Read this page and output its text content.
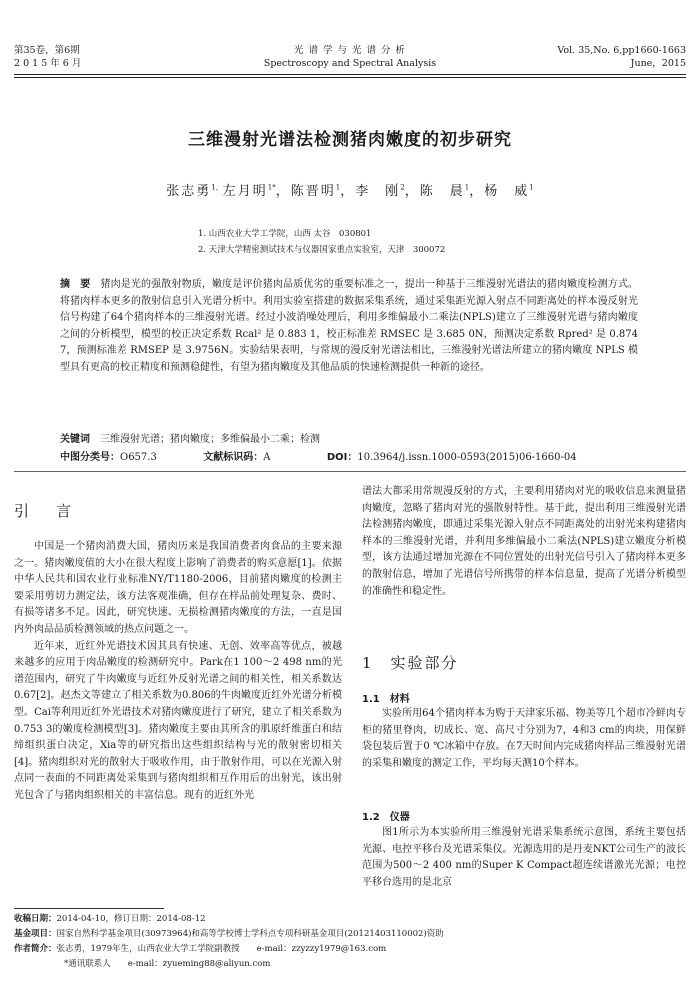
第35卷，第6期
2 0 1 5 年 6 月
光 谱 学 与 光 谱 分 析
Spectroscopy and Spectral Analysis
Vol. 35,No. 6,pp1660-1663
June，2015
三维漫射光谱法检测猪肉嫩度的初步研究
张志勇$^{1,}$左月明$^{1*}$，陈晋明$^1$，李　刚$^2$，陈　晨$^1$，杨　威$^1$
1. 山西农业大学工学院，山西 太谷　030801
2. 天津大学精密测试技术与仪器国家重点实验室，天津　300072
摘　要 猪肉是光的强散射物质，嫩度是评价猪肉品质优劣的重要标准之一，提出一种基于三维漫射光谱法的猪肉嫩度检测方式。将猪肉样本更多的散射信息引入光谱分析中。利用实验室搭建的数据采集系统，通过采集距光源入射点不同距离处的样本漫反射光信号构建了64个猪肉样本的三维漫射光谱。经过小波消噪处理后，利用多维偏最小二乘法(NPLS)建立了三维漫射光谱与猪肉嫩度之间的分析模型，模型的校正决定系数 Rcal² 是 0.883 1，校正标准差 RMSEC 是 3.685 0N，预测决定系数 Rpred² 是 0.874 7，预测标准差 RMSEP 是 3.9756N。实验结果表明，与常规的漫反射光谱法相比，三维漫射光谱法所建立的猪肉嫩度 NPLS 模型具有更高的校正精度和预测稳健性，有望为猪肉嫩度及其他品质的快速检测提供一种新的途径。
关键词　 三维漫射光谱；猪肉嫩度；多维偏最小二乘；检测
中图分类号：O657.3	文献标识码：A	DOI：10.3964/j.issn.1000-0593(2015)06-1660-04
引　言

中国是一个猪肉消费大国，猪肉历来是我国消费者肉食品的主要来源之一。猪肉嫩度值的大小在很大程度上影响了消费者的购买意愿[1]。依据中华人民共和国农业行业标准NY/T1180-2006，目前猪肉嫩度的检测主要采用剪切力测定法，该方法客观准确，但存在样品前处理复杂、费时、有损等诸多不足。因此，研究快速、无损检测猪肉嫩度的方法，一直是国内外肉品品质检测领域的热点问题之一。

近年来，近红外光谱技术因其具有快速、无创、效率高等优点，被越来越多的应用于肉品嫩度的检测研究中。Park在1 100～2 498 nm的光谱范围内，研究了牛肉嫩度与近红外反射光谱之间的相关性，相关系数达0.67[2]。赵杰文等建立了相关系数为0.806的牛肉嫩度近红外光谱分析模型。Cai等利用近红外光谱技术对猪肉嫩度进行了研究，建立了相关系数为0.753 3的嫩度检测模型[3]。猪肉嫩度主要由其所含的肌原纤维蛋白和结缔组织蛋白决定，Xia等的研究指出这些组织结构与光的散射密切相关[4]。猪肉组织对光的散射大于吸收作用，由于散射作用，可以在光源入射点同一表面的不同距离处采集到与猪肉组织相互作用后的出射光，该出射光包含了与猪肉组织相关的丰富信息。现有的近红外光

谱法大都采用常规漫反射的方式，主要利用猪肉对光的吸收信息来测量猪肉嫩度，忽略了猪肉对光的强散射特性。基于此，提出利用三维漫射光谱法检测猪肉嫩度，即通过采集光源入射点不同距离处的出射光来构建猪肉样本的三维漫射光谱，并利用多维偏最小二乘法(NPLS)建立嫩度分析模型，该方法通过增加光源在不同位置处的出射光信号引入了猪肉样本更多的散射信息，增加了光谱信号所携带的样本信息量，提高了光谱分析模型的准确性和稳定性。

1　实验部分
1.1　材料

实验所用64个猪肉样本为购于天津家乐福、物美等几个超市冷鲜肉专柜的猪里脊肉，切成长、宽、高尺寸分别为7，4和3 cm的肉块，用保鲜袋包装后置于0 ℃冰箱中存放。在7天时间内完成猪肉样品三维漫射光谱的采集和嫩度的测定工作，平均每天测10个样本。

1.2　仪器

图1所示为本实验所用三维漫射光谱采集系统示意图，系统主要包括光源、电控平移台及光谱采集仪。光源选用的是丹麦NKT公司生产的波长范围为500～2 400 nm的Super K Compact超连续谱激光光源；电控平移台选用的是北京

收稿日期：2014-04-10，修订日期：2014-08-12
基金项目：国家自然科学基金项目(30973964)和高等学校博士学科点专项科研基金项目(20121403110002)资助
作者简介：张志勇，1979年生，山西农业大学工学院副教授　　e-mail：zzyzzy1979@163.com
*通讯联系人　　e-mail：zyueming88@aliyun.com
